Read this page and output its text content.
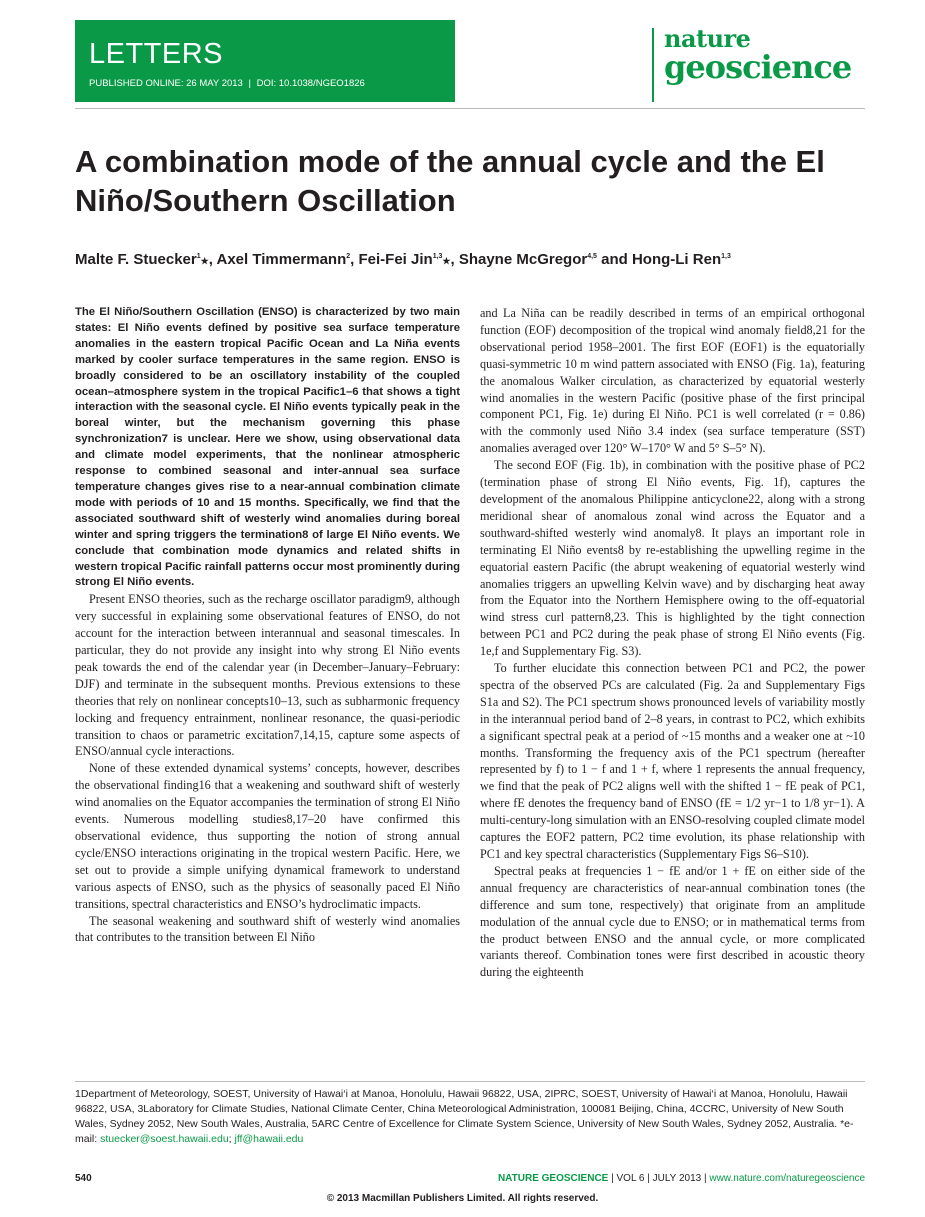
LETTERS
PUBLISHED ONLINE: 26 MAY 2013 | DOI: 10.1038/NGEO1826
nature
geoscience
A combination mode of the annual cycle and the El Niño/Southern Oscillation
Malte F. Stuecker$^1$★, Axel Timmermann$^2$, Fei-Fei Jin$^{1,3}$★, Shayne McGregor$^{4,5}$ and Hong-Li Ren$^{1,3}$
The El Niño/Southern Oscillation (ENSO) is characterized by two main states: El Niño events defined by positive sea surface temperature anomalies in the eastern tropical Pacific Ocean and La Niña events marked by cooler surface temperatures in the same region. ENSO is broadly considered to be an oscillatory instability of the coupled ocean–atmosphere system in the tropical Pacific1–6 that shows a tight interaction with the seasonal cycle. El Niño events typically peak in the boreal winter, but the mechanism governing this phase synchronization7 is unclear. Here we show, using observational data and climate model experiments, that the nonlinear atmospheric response to combined seasonal and inter-annual sea surface temperature changes gives rise to a near-annual combination climate mode with periods of 10 and 15 months. Specifically, we find that the associated southward shift of westerly wind anomalies during boreal winter and spring triggers the termination8 of large El Niño events. We conclude that combination mode dynamics and related shifts in western tropical Pacific rainfall patterns occur most prominently during strong El Niño events.

Present ENSO theories, such as the recharge oscillator paradigm9, although very successful in explaining some observational features of ENSO, do not account for the interaction between interannual and seasonal timescales. In particular, they do not provide any insight into why strong El Niño events peak towards the end of the calendar year (in December–January–February: DJF) and terminate in the subsequent months. Previous extensions to these theories that rely on nonlinear concepts10–13, such as subharmonic frequency locking and frequency entrainment, nonlinear resonance, the quasi-periodic transition to chaos or parametric excitation7,14,15, capture some aspects of ENSO/annual cycle interactions.

None of these extended dynamical systems’ concepts, however, describes the observational finding16 that a weakening and southward shift of westerly wind anomalies on the Equator accompanies the termination of strong El Niño events. Numerous modelling studies8,17–20 have confirmed this observational evidence, thus supporting the notion of strong annual cycle/ENSO interactions originating in the tropical western Pacific. Here, we set out to provide a simple unifying dynamical framework to understand various aspects of ENSO, such as the physics of seasonally paced El Niño transitions, spectral characteristics and ENSO’s hydroclimatic impacts.

The seasonal weakening and southward shift of westerly wind anomalies that contributes to the transition between El Niño

and La Niña can be readily described in terms of an empirical orthogonal function (EOF) decomposition of the tropical wind anomaly field8,21 for the observational period 1958–2001. The first EOF (EOF1) is the equatorially quasi-symmetric 10 m wind pattern associated with ENSO (Fig. 1a), featuring the anomalous Walker circulation, as characterized by equatorial westerly wind anomalies in the western Pacific (positive phase of the first principal component PC1, Fig. 1e) during El Niño. PC1 is well correlated (r = 0.86) with the commonly used Niño 3.4 index (sea surface temperature (SST) anomalies averaged over 120° W–170° W and 5° S–5° N).

The second EOF (Fig. 1b), in combination with the positive phase of PC2 (termination phase of strong El Niño events, Fig. 1f), captures the development of the anomalous Philippine anticyclone22, along with a strong meridional shear of anomalous zonal wind across the Equator and a southward-shifted westerly wind anomaly8. It plays an important role in terminating El Niño events8 by re-establishing the upwelling regime in the equatorial eastern Pacific (the abrupt weakening of equatorial westerly wind anomalies triggers an upwelling Kelvin wave) and by discharging heat away from the Equator into the Northern Hemisphere owing to the off-equatorial wind stress curl pattern8,23. This is highlighted by the tight connection between PC1 and PC2 during the peak phase of strong El Niño events (Fig. 1e,f and Supplementary Fig. S3).

To further elucidate this connection between PC1 and PC2, the power spectra of the observed PCs are calculated (Fig. 2a and Supplementary Figs S1a and S2). The PC1 spectrum shows pronounced levels of variability mostly in the interannual period band of 2–8 years, in contrast to PC2, which exhibits a significant spectral peak at a period of ~15 months and a weaker one at ~10 months. Transforming the frequency axis of the PC1 spectrum (hereafter represented by f) to 1 − f and 1 + f, where 1 represents the annual frequency, we find that the peak of PC2 aligns well with the shifted 1 − fE peak of PC1, where fE denotes the frequency band of ENSO (fE = 1/2 yr−1 to 1/8 yr−1). A multi-century-long simulation with an ENSO-resolving coupled climate model captures the EOF2 pattern, PC2 time evolution, its phase relationship with PC1 and key spectral characteristics (Supplementary Figs S6–S10).

Spectral peaks at frequencies 1 − fE and/or 1 + fE on either side of the annual frequency are characteristics of near-annual combination tones (the difference and sum tone, respectively) that originate from an amplitude modulation of the annual cycle due to ENSO; or in mathematical terms from the product between ENSO and the annual cycle, or more complicated variants thereof. Combination tones were first described in acoustic theory during the eighteenth

1Department of Meteorology, SOEST, University of Hawai‘i at Manoa, Honolulu, Hawaii 96822, USA, 2IPRC, SOEST, University of Hawai‘i at Manoa, Honolulu, Hawaii 96822, USA, 3Laboratory for Climate Studies, National Climate Center, China Meteorological Administration, 100081 Beijing, China, 4CCRC, University of New South Wales, Sydney 2052, New South Wales, Australia, 5ARC Centre of Excellence for Climate System Science, University of New South Wales, Sydney 2052, Australia. *e-mail: stuecker@soest.hawaii.edu; jff@hawaii.edu
540	NATURE GEOSCIENCE | VOL 6 | JULY 2013 | www.nature.com/naturegeoscience
© 2013 Macmillan Publishers Limited. All rights reserved.
